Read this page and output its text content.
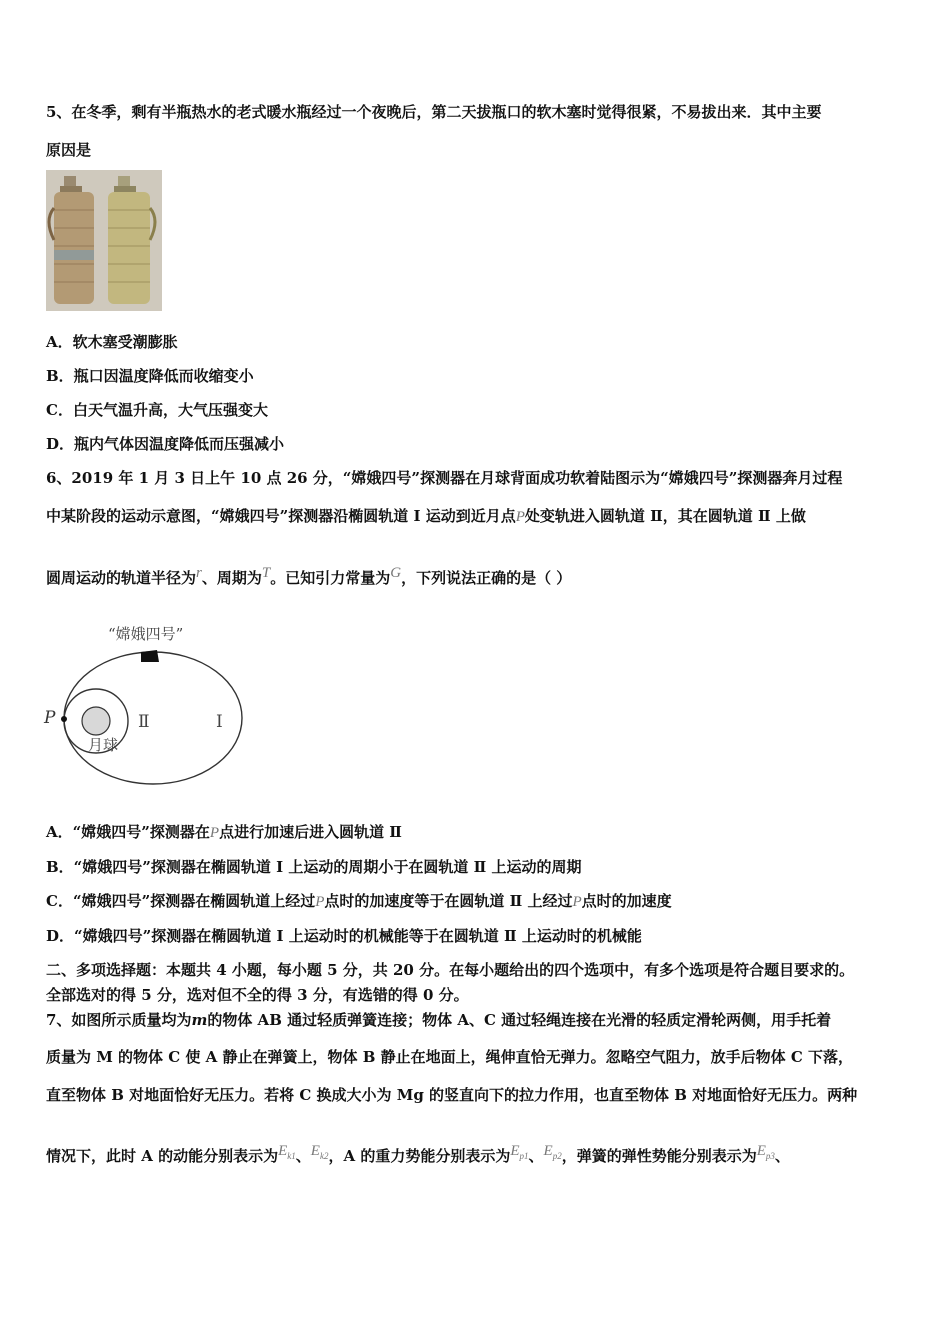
5、在冬季，剩有半瓶热水的老式暖水瓶经过一个夜晚后，第二天拔瓶口的软木塞时觉得很紧，不易拔出来．其中主要
原因是
A．软木塞受潮膨胀
B．瓶口因温度降低而收缩变小
C．白天气温升高，大气压强变大
D．瓶内气体因温度降低而压强减小
6、2019 年 1 月 3 日上午 10 点 26 分，“嫦娥四号”探测器在月球背面成功软着陆图示为“嫦娥四号”探测器奔月过程
中某阶段的运动示意图，“嫦娥四号”探测器沿椭圆轨道 Ⅰ 运动到近月点P处变轨进入圆轨道 Ⅱ，其在圆轨道 Ⅱ 上做
圆周运动的轨道半径为r、周期为T。已知引力常量为G，下列说法正确的是（ ）
“嫦娥四号”
P	Ⅱ	Ⅰ
月球
A．“嫦娥四号”探测器在P点进行加速后进入圆轨道 Ⅱ
B．“嫦娥四号”探测器在椭圆轨道 Ⅰ 上运动的周期小于在圆轨道 Ⅱ 上运动的周期
C．“嫦娥四号”探测器在椭圆轨道上经过P点时的加速度等于在圆轨道 Ⅱ 上经过P点时的加速度
D．“嫦娥四号”探测器在椭圆轨道 Ⅰ 上运动时的机械能等于在圆轨道 Ⅱ 上运动时的机械能
二、多项选择题：本题共 4 小题，每小题 5 分，共 20 分。在每小题给出的四个选项中，有多个选项是符合题目要求的。
全部选对的得 5 分，选对但不全的得 3 分，有选错的得 0 分。
7、如图所示质量均为m的物体 AB 通过轻质弹簧连接；物体 A、C 通过轻绳连接在光滑的轻质定滑轮两侧，用手托着
质量为 M 的物体 C 使 A 静止在弹簧上，物体 B 静止在地面上，绳伸直恰无弹力。忽略空气阻力，放手后物体 C 下落，
直至物体 B 对地面恰好无压力。若将 C 换成大小为 Mg 的竖直向下的拉力作用，也直至物体 B 对地面恰好无压力。两种
情况下，此时 A 的动能分别表示为$E_{k1}$、$E_{k2}$，A 的重力势能分别表示为$E_{p1}$、$E_{p2}$，弹簧的弹性势能分别表示为$E_{p3}$、
